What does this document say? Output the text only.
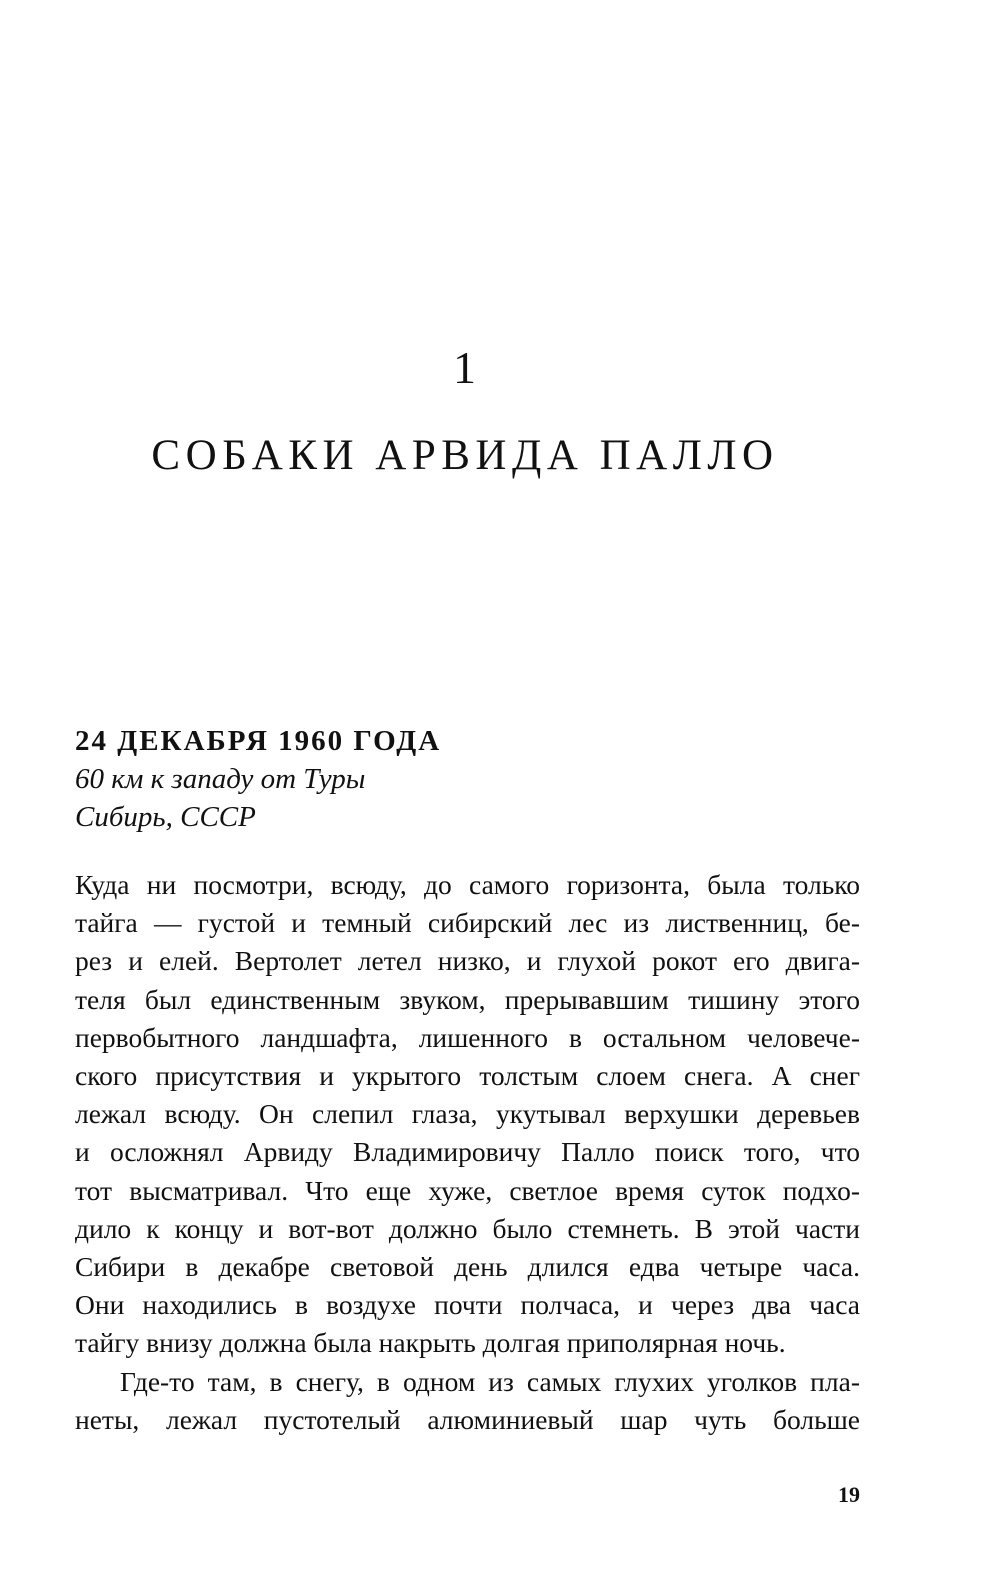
1
СОБАКИ АРВИДА ПАЛЛО
24 ДЕКАБРЯ 1960 ГОДА
60 км к западу от Туры
Сибирь, СССР

Куда ни посмотри, всюду, до самого горизонта, была только
тайга — густой и темный сибирский лес из лиственниц, бе-
рез и елей. Вертолет летел низко, и глухой рокот его двига-
теля был единственным звуком, прерывавшим тишину этого
первобытного ландшафта, лишенного в остальном человече-
ского присутствия и укрытого толстым слоем снега. А снег
лежал всюду. Он слепил глаза, укутывал верхушки деревьев
и осложнял Арвиду Владимировичу Палло поиск того, что
тот высматривал. Что еще хуже, светлое время суток подхо-
дило к концу и вот-вот должно было стемнеть. В этой части
Сибири в декабре световой день длился едва четыре часа.
Они находились в воздухе почти полчаса, и через два часа
тайгу внизу должна была накрыть долгая приполярная ночь.

Где-то там, в снегу, в одном из самых глухих уголков пла-
неты, лежал пустотелый алюминиевый шар чуть больше

19
